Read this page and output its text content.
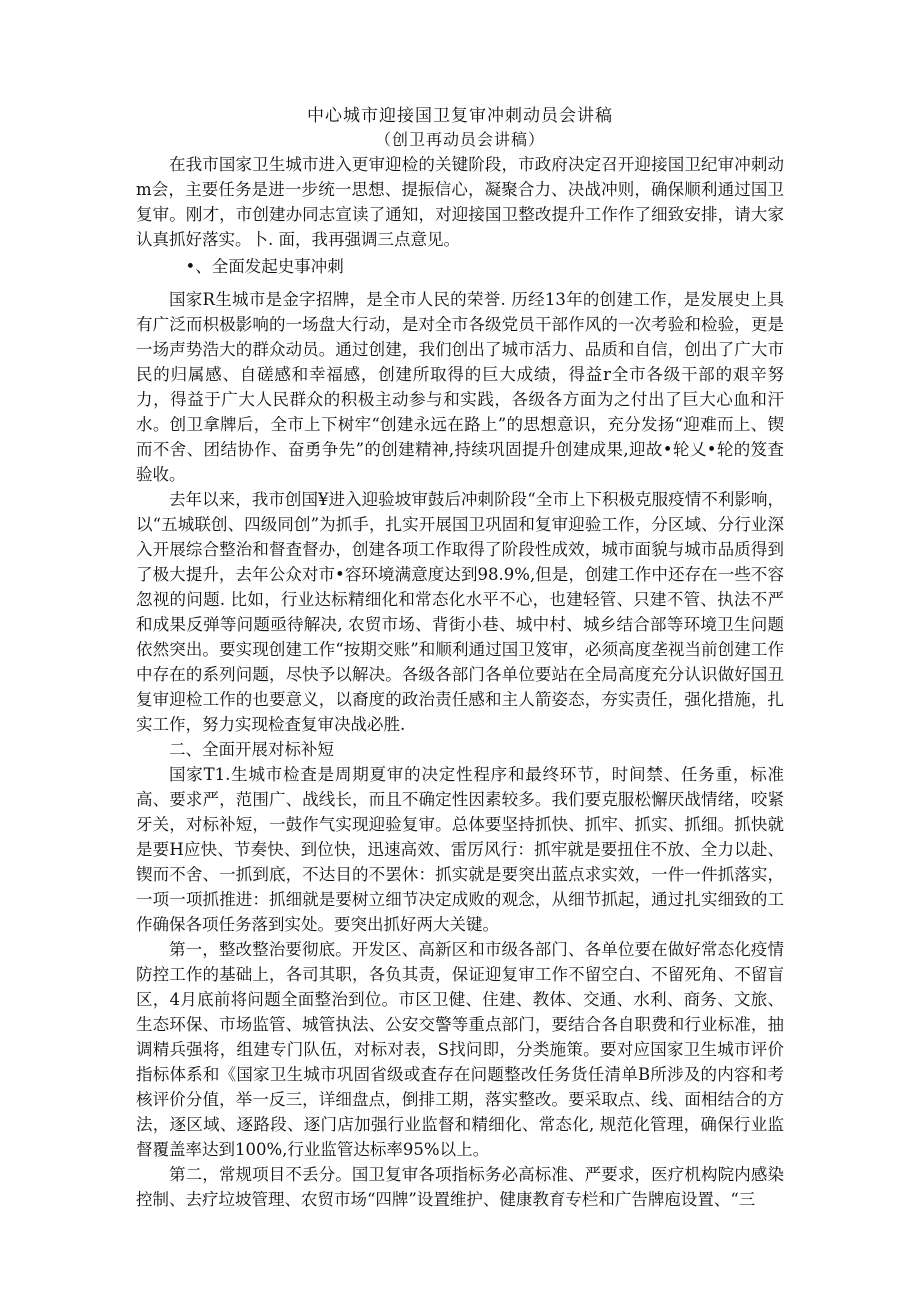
中心城市迎接国卫复审冲刺动员会讲稿

（创卫再动员会讲稿）

在我市国家卫生城市进入更审迎检的关键阶段，市政府决定召开迎接国卫纪审冲刺动m会，主要任务是进一步统一思想、提振信心，凝聚合力、决战冲则，确保顺利通过国卫复审。刚才，市创建办同志宣读了通知，对迎接国卫整改提升工作作了细致安排，请大家认真抓好落实。卜. 面，我再强调三点意见。

•、全面发起史事冲刺

国家R生城市是金字招牌，是全市人民的荣誉. 历经13年的创建工作，是发展史上具有广泛而枳极影响的一场盘大行动，是对全市各级党员干部作风的一次考验和检验，更是一场声势浩大的群众动员。通过创建，我们创出了城市活力、品质和自信，创出了广大市民的归属感、自磋感和幸福感，创建所取得的巨大成绩，得益r全市各级干部的艰辛努力，得益于广大人民群众的积极主动参与和实践，各级各方面为之付出了巨大心血和汗水。创卫拿牌后，全市上下树牢“创建永远在路上”的思想意识，充分发扬“迎难而上、锲而不舍、团结协作、奋勇争先”的创建精神,持续巩固提升创建成果,迎故•轮乂•轮的笈査验收。

去年以来，我市创国¥进入迎验坡审鼓后冲刺阶段“全市上下积极克服疫情不利影响，以“五城联创、四级同创”为抓手，扎实开展国卫巩固和复审迎验工作，分区域、分行业深入开展综合整治和督査督办，创建各项工作取得了阶段性成效，城市面貌与城市品质得到了极大提升，去年公众对市•容环境满意度达到98.9%,但是，创建工作中还存在一些不容忽视的问题. 比如，行业达标精细化和常态化水平不心，也建轻管、只建不管、执法不严和成果反弹等问题亟待解决, 农贸市场、背街小巷、城中村、城乡结合部等环境卫生问题依然突出。要实现创建工作“按期交账”和顺利通过国卫笈审，必须高度垄视当前创建工作中存在的系列问题，尽快予以解决。各级各部门各单位要站在全局高度充分认识做好国丑复审迎检工作的也要意义，以裔度的政治责任感和主人箭姿态，夯实责任，强化措施，扎实工作，努力实现检査复审决战必胜.

二、全面开展对标补短

国家T1.生城市检査是周期夏审的决定性程序和最终环节，时间禁、任务重，标准高、要求严，范围广、战线长，而且不确定性因素较多。我们要克服松懈厌战情绪，咬紧牙关，对标补短，一鼓作气实现迎验复审。总体要坚持抓快、抓牢、抓实、抓细。抓快就是要H应快、节奏快、到位快，迅速高效、雷厉风行：抓牢就是要扭住不放、全力以赴、锲而不舍、一抓到底，不达目的不罢休：抓实就是要突出蓝点求实效，一件一件抓落实，一项一项抓推进：抓细就是要树立细节决定成败的观念，从细节抓起，通过扎实细致的工作确保各项任务落到实处。要突出抓好两大关键。

第一，整改整治要彻底。开发区、高新区和市级各部门、各单位要在做好常态化疫情防控工作的基础上，各司其职，各负其责，保证迎复审工作不留空白、不留死角、不留盲区，4月底前将问题全面整治到位。市区卫健、住建、教体、交通、水利、商务、文旅、生态环保、市场监管、城管执法、公安交警等重点部门，要结合各自职费和行业标准，抽调精兵强将，组建专门队伍，对标对表，S找问即，分类施策。要对应国家卫生城市评价指标体系和《国家卫生城市巩固省级或査存在问题整改任务货任清单B所涉及的内容和考核评价分值，举一反三，详细盘点，倒排工期，落实整改。要采取点、线、面相结合的方法，逐区域、逐路段、逐门店加强行业监督和精细化、常态化, 规范化管理，确保行业监督覆盖率达到100%,行业监管达标率95%以上。

第二，常规项目不丢分。国卫复审各项指标务必高标准、严要求，医疗机构院内感染控制、去疗垃坡管理、农贸市场“四牌”设置维护、健康教育专栏和广告牌庖设置、“三
